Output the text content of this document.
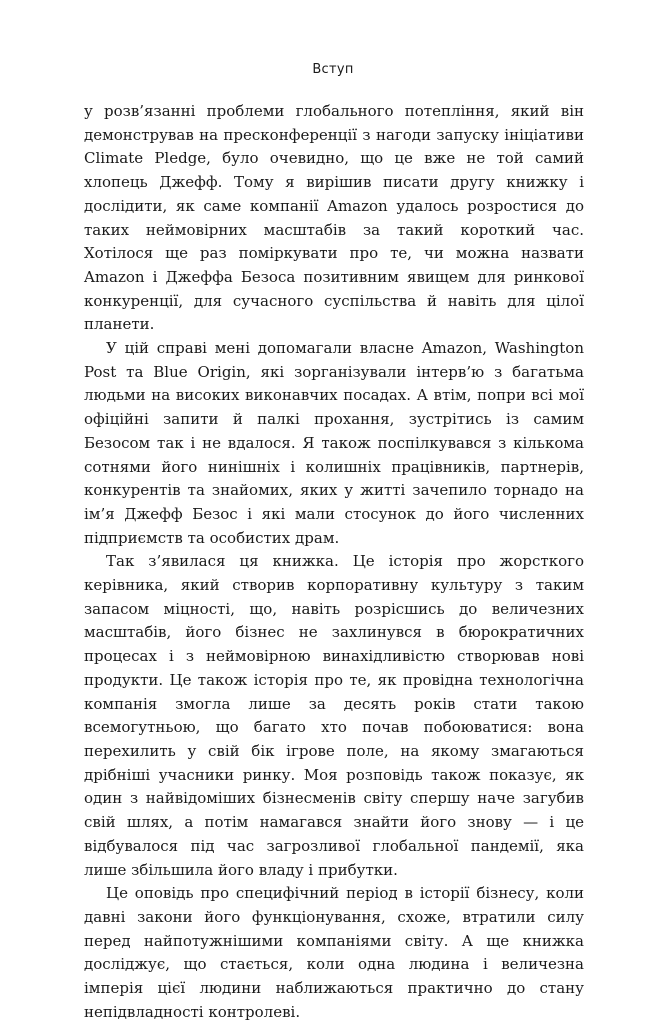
Вступ

у розв’язанні проблеми глобального потепління, який він демонстрував на пресконференції з нагоди запуску ініціативи Climate Pledge, було очевидно, що це вже не той самий хлопець Джефф. Тому я вирішив писати другу книжку і дослідити, як саме компанії Amazon удалось розростися до таких неймовірних масштабів за такий короткий час. Хотілося ще раз поміркувати про те, чи можна назвати Amazon і Джеффа Безоса позитивним явищем для ринкової конкуренції, для сучасного суспільства й навіть для цілої планети.

У цій справі мені допомагали власне Amazon, Washington Post та Blue Origin, які зорганізували інтерв’ю з багатьма людьми на високих виконавчих посадах. А втім, попри всі мої офіційні запити й палкі прохання, зустрітись із самим Безосом так і не вдалося. Я також поспілкувався з кількома сотнями його нинішніх і колишніх працівників, партнерів, конкурентів та знайомих, яких у житті зачепило торнадо на ім’я Джефф Безос і які мали стосунок до його численних підприємств та особистих драм.

Так з’явилася ця книжка. Це історія про жорсткого керівника, який створив корпоративну культуру з таким запасом міцності, що, навіть розрісшись до величезних масштабів, його бізнес не захлинувся в бюрократичних процесах і з неймовірною винахідливістю створював нові продукти. Це також історія про те, як провідна технологічна компанія змогла лише за десять років стати такою всемогутньою, що багато хто почав побоюватися: вона перехилить у свій бік ігрове поле, на якому змагаються дрібніші учасники ринку. Моя розповідь також показує, як один з найвідоміших бізнесменів світу спершу наче загубив свій шлях, а потім намагався знайти його знову — і це відбувалося під час загрозливої глобальної пандемії, яка лише збільшила його владу і прибутки.

Це оповідь про специфічний період в історії бізнесу, коли давні закони його функціонування, схоже, втратили силу перед найпотужнішими компаніями світу. А ще книжка досліджує, що стається, коли одна людина і величезна імперія цієї людини наближаються практично до стану непідвладності контролеві.
